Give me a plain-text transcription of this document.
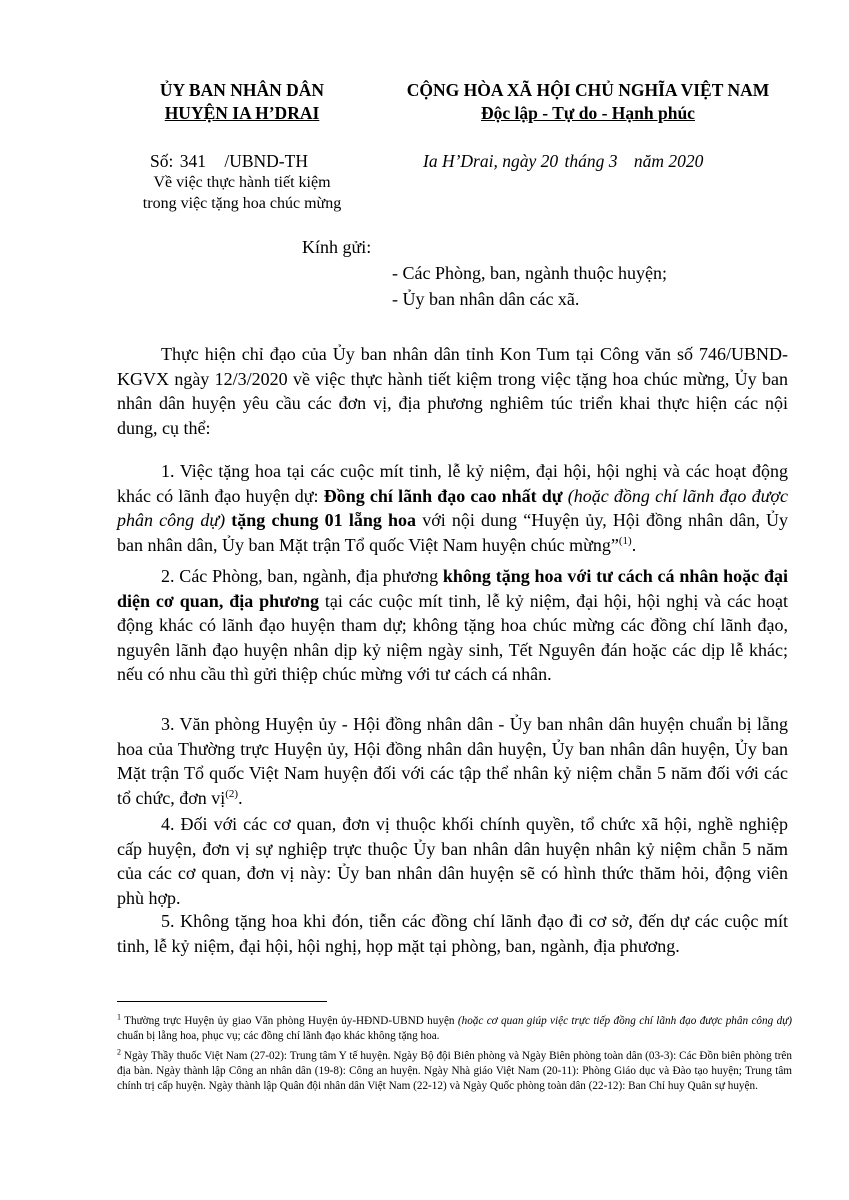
ỦY BAN NHÂN DÂN
HUYỆN IA H’DRAI
CỘNG HÒA XÃ HỘI CHỦ NGHĨA VIỆT NAM
Độc lập - Tự do - Hạnh phúc
Số: 341 /UBND-TH
Về việc thực hành tiết kiệm
trong việc tặng hoa chúc mừng
Ia H’Drai, ngày 20 tháng 3 năm 2020
Kính gửi:
- Các Phòng, ban, ngành thuộc huyện;
- Ủy ban nhân dân các xã.
Thực hiện chỉ đạo của Ủy ban nhân dân tỉnh Kon Tum tại Công văn số 746/UBND-KGVX ngày 12/3/2020 về việc thực hành tiết kiệm trong việc tặng hoa chúc mừng, Ủy ban nhân dân huyện yêu cầu các đơn vị, địa phương nghiêm túc triển khai thực hiện các nội dung, cụ thể:
1. Việc tặng hoa tại các cuộc mít tinh, lễ kỷ niệm, đại hội, hội nghị và các hoạt động khác có lãnh đạo huyện dự: Đồng chí lãnh đạo cao nhất dự (hoặc đồng chí lãnh đạo được phân công dự) tặng chung 01 lẵng hoa với nội dung “Huyện ủy, Hội đồng nhân dân, Ủy ban nhân dân, Ủy ban Mặt trận Tổ quốc Việt Nam huyện chúc mừng”$^{(1)}$.
2. Các Phòng, ban, ngành, địa phương không tặng hoa với tư cách cá nhân hoặc đại diện cơ quan, địa phương tại các cuộc mít tinh, lễ kỷ niệm, đại hội, hội nghị và các hoạt động khác có lãnh đạo huyện tham dự; không tặng hoa chúc mừng các đồng chí lãnh đạo, nguyên lãnh đạo huyện nhân dịp kỷ niệm ngày sinh, Tết Nguyên đán hoặc các dịp lễ khác; nếu có nhu cầu thì gửi thiệp chúc mừng với tư cách cá nhân.
3. Văn phòng Huyện ủy - Hội đồng nhân dân - Ủy ban nhân dân huyện chuẩn bị lẵng hoa của Thường trực Huyện ủy, Hội đồng nhân dân huyện, Ủy ban nhân dân huyện, Ủy ban Mặt trận Tổ quốc Việt Nam huyện đối với các tập thể nhân kỷ niệm chẵn 5 năm đối với các tổ chức, đơn vị$^{(2)}$.
4. Đối với các cơ quan, đơn vị thuộc khối chính quyền, tổ chức xã hội, nghề nghiệp cấp huyện, đơn vị sự nghiệp trực thuộc Ủy ban nhân dân huyện nhân kỷ niệm chẵn 5 năm của các cơ quan, đơn vị này: Ủy ban nhân dân huyện sẽ có hình thức thăm hỏi, động viên phù hợp.
5. Không tặng hoa khi đón, tiễn các đồng chí lãnh đạo đi cơ sở, đến dự các cuộc mít tinh, lễ kỷ niệm, đại hội, hội nghị, họp mặt tại phòng, ban, ngành, địa phương.
$^1$ Thường trực Huyện ủy giao Văn phòng Huyện ủy-HĐND-UBND huyện (hoặc cơ quan giúp việc trực tiếp đồng chí lãnh đạo được phân công dự) chuẩn bị lẵng hoa, phục vụ; các đồng chí lãnh đạo khác không tặng hoa.
$^2$ Ngày Thầy thuốc Việt Nam (27-02): Trung tâm Y tế huyện. Ngày Bộ đội Biên phòng và Ngày Biên phòng toàn dân (03-3): Các Đồn biên phòng trên địa bàn. Ngày thành lập Công an nhân dân (19-8): Công an huyện. Ngày Nhà giáo Việt Nam (20-11): Phòng Giáo dục và Đào tạo huyện; Trung tâm chính trị cấp huyện. Ngày thành lập Quân đội nhân dân Việt Nam (22-12) và Ngày Quốc phòng toàn dân (22-12): Ban Chỉ huy Quân sự huyện.
